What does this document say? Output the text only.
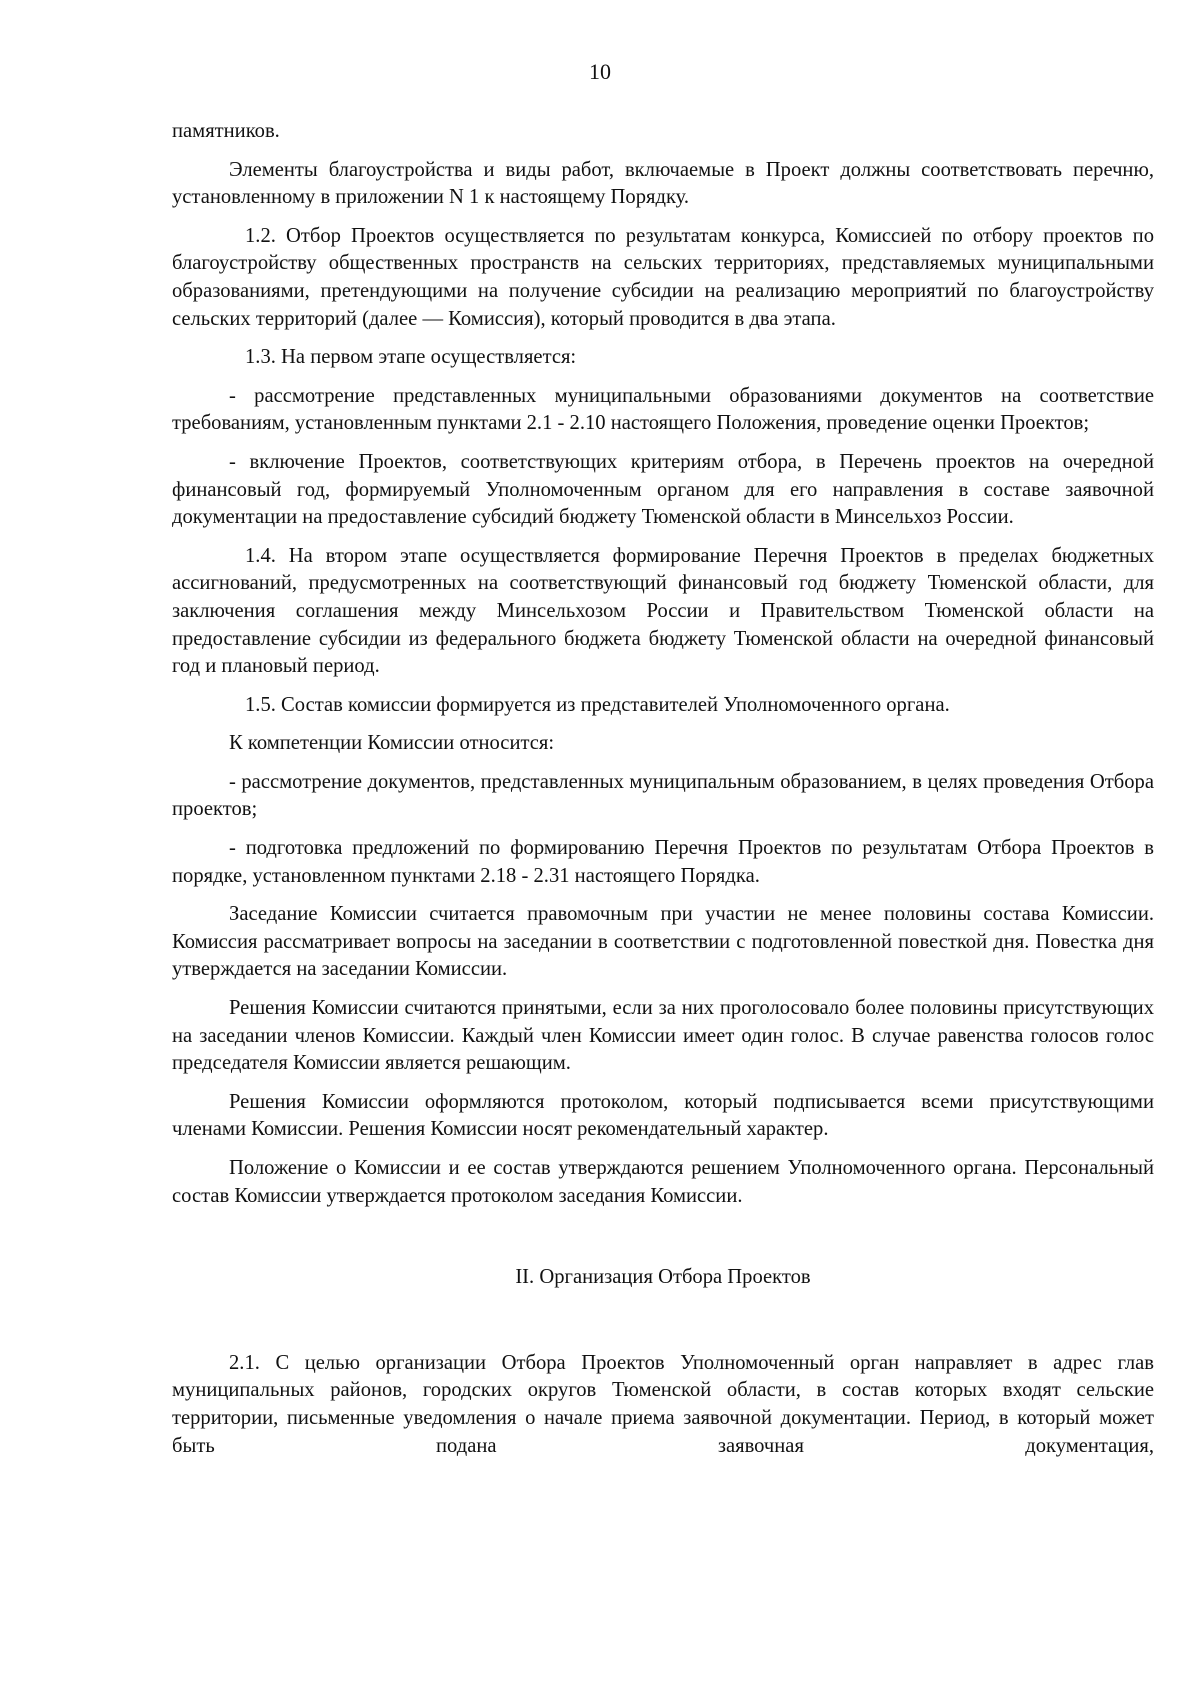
10

памятников.

Элементы благоустройства и виды работ, включаемые в Проект должны соответствовать перечню, установленному в приложении N 1 к настоящему Порядку.

1.2. Отбор Проектов осуществляется по результатам конкурса, Комиссией по отбору проектов по благоустройству общественных пространств на сельских территориях, представляемых муниципальными образованиями, претендующими на получение субсидии на реализацию мероприятий по благоустройству сельских территорий (далее — Комиссия), который проводится в два этапа.

1.3. На первом этапе осуществляется:

- рассмотрение представленных муниципальными образованиями документов на соответствие требованиям, установленным пунктами 2.1 - 2.10 настоящего Положения, проведение оценки Проектов;

- включение Проектов, соответствующих критериям отбора, в Перечень проектов на очередной финансовый год, формируемый Уполномоченным органом для его направления в составе заявочной документации на предоставление субсидий бюджету Тюменской области в Минсельхоз России.

1.4. На втором этапе осуществляется формирование Перечня Проектов в пределах бюджетных ассигнований, предусмотренных на соответствующий финансовый год бюджету Тюменской области, для заключения соглашения между Минсельхозом России и Правительством Тюменской области на предоставление субсидии из федерального бюджета бюджету Тюменской области на очередной финансовый год и плановый период.

1.5. Состав комиссии формируется из представителей Уполномоченного органа.

К компетенции Комиссии относится:

- рассмотрение документов, представленных муниципальным образованием, в целях проведения Отбора проектов;

- подготовка предложений по формированию Перечня Проектов по результатам Отбора Проектов в порядке, установленном пунктами 2.18 - 2.31 настоящего Порядка.

Заседание Комиссии считается правомочным при участии не менее половины состава Комиссии. Комиссия рассматривает вопросы на заседании в соответствии с подготовленной повесткой дня. Повестка дня утверждается на заседании Комиссии.

Решения Комиссии считаются принятыми, если за них проголосовало более половины присутствующих на заседании членов Комиссии. Каждый член Комиссии имеет один голос. В случае равенства голосов голос председателя Комиссии является решающим.

Решения Комиссии оформляются протоколом, который подписывается всеми присутствующими членами Комиссии. Решения Комиссии носят рекомендательный характер.

Положение о Комиссии и ее состав утверждаются решением Уполномоченного органа. Персональный состав Комиссии утверждается протоколом заседания Комиссии.

II. Организация Отбора Проектов

2.1. С целью организации Отбора Проектов Уполномоченный орган направляет в адрес глав муниципальных районов, городских округов Тюменской области, в состав которых входят сельские территории, письменные уведомления о начале приема заявочной документации. Период, в который может быть подана заявочная документация,
